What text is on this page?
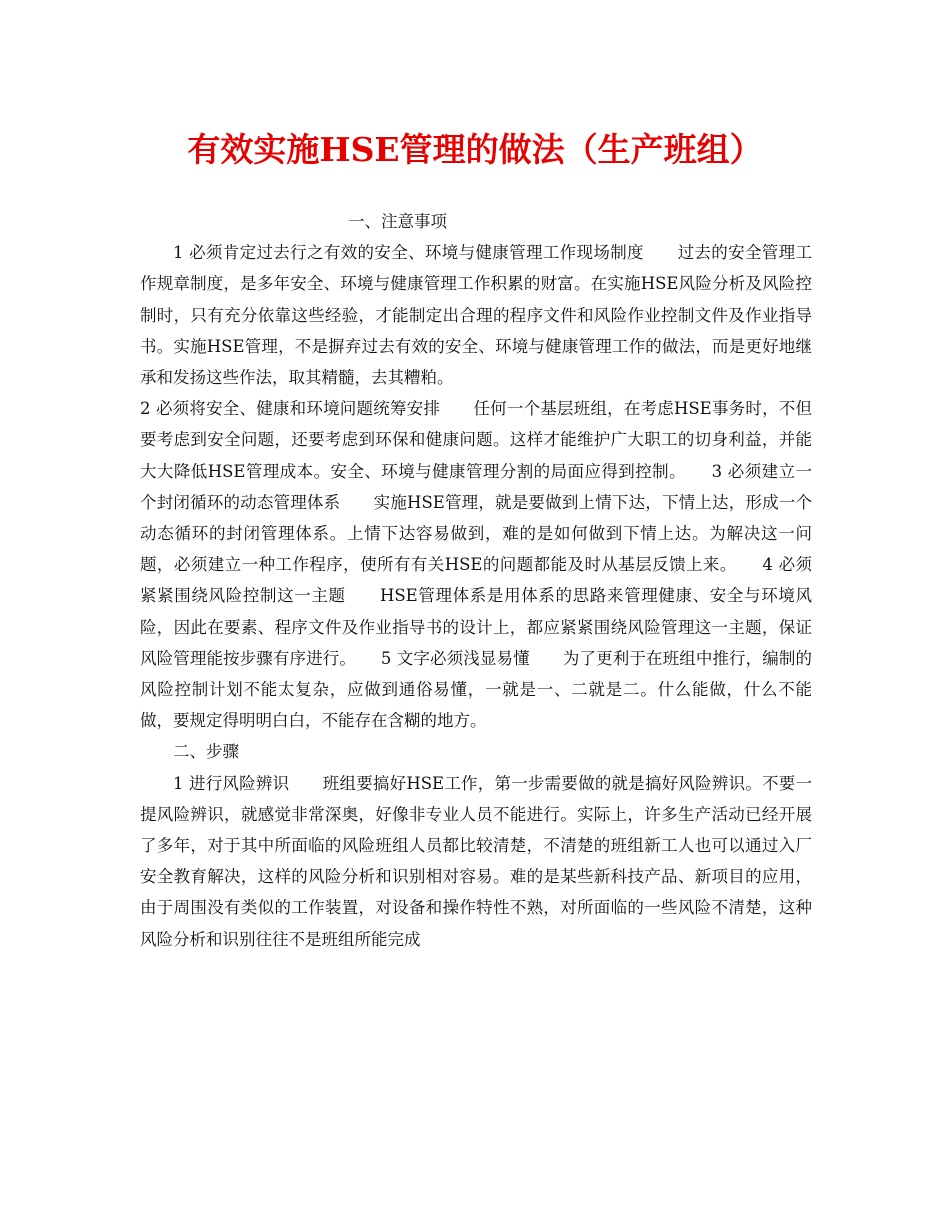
有效实施HSE管理的做法（生产班组）

一、注意事项

1 必须肯定过去行之有效的安全、环境与健康管理工作现场制度　　过去的安全管理工作规章制度，是多年安全、环境与健康管理工作积累的财富。在实施HSE风险分析及风险控制时，只有充分依靠这些经验，才能制定出合理的程序文件和风险作业控制文件及作业指导书。实施HSE管理，不是摒弃过去有效的安全、环境与健康管理工作的做法，而是更好地继承和发扬这些作法，取其精髓，去其糟粕。

2 必须将安全、健康和环境问题统筹安排　　任何一个基层班组，在考虑HSE事务时，不但要考虑到安全问题，还要考虑到环保和健康问题。这样才能维护广大职工的切身利益，并能大大降低HSE管理成本。安全、环境与健康管理分割的局面应得到控制。　　3 必须建立一个封闭循环的动态管理体系　　实施HSE管理，就是要做到上情下达，下情上达，形成一个动态循环的封闭管理体系。上情下达容易做到，难的是如何做到下情上达。为解决这一问题，必须建立一种工作程序，使所有有关HSE的问题都能及时从基层反馈上来。　　4 必须紧紧围绕风险控制这一主题　　HSE管理体系是用体系的思路来管理健康、安全与环境风险，因此在要素、程序文件及作业指导书的设计上，都应紧紧围绕风险管理这一主题，保证风险管理能按步骤有序进行。　　5 文字必须浅显易懂　　为了更利于在班组中推行，编制的风险控制计划不能太复杂，应做到通俗易懂，一就是一、二就是二。什么能做，什么不能做，要规定得明明白白，不能存在含糊的地方。

二、步骤

1 进行风险辨识　　班组要搞好HSE工作，第一步需要做的就是搞好风险辨识。不要一提风险辨识，就感觉非常深奥，好像非专业人员不能进行。实际上，许多生产活动已经开展了多年，对于其中所面临的风险班组人员都比较清楚，不清楚的班组新工人也可以通过入厂安全教育解决，这样的风险分析和识别相对容易。难的是某些新科技产品、新项目的应用，由于周围没有类似的工作装置，对设备和操作特性不熟，对所面临的一些风险不清楚，这种风险分析和识别往往不是班组所能完成
